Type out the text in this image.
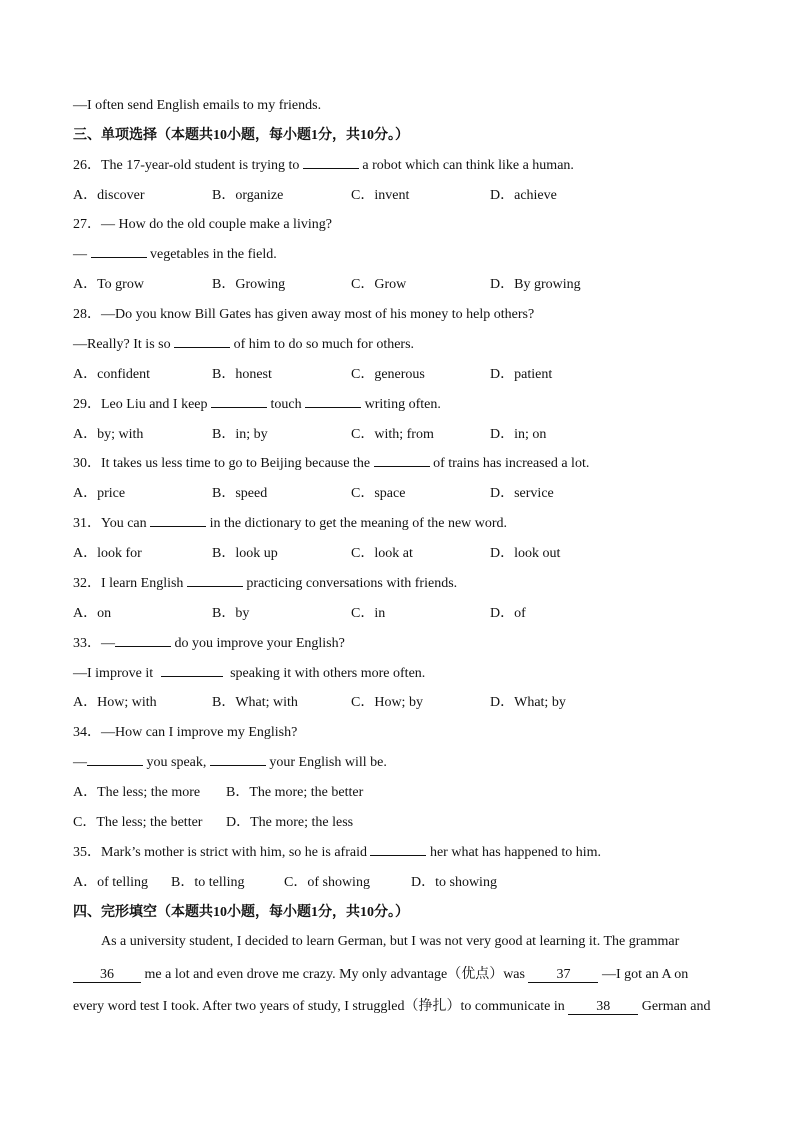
—I often send English emails to my friends.
三、单项选择（本题共10小题，每小题1分，共10分。）
26．The 17-year-old student is trying to	a robot which can think like a human.
A．discover	B．organize	C．invent	D．achieve
27．— How do the old couple make a living?
—	vegetables in the field.
A．To grow	B．Growing	C．Grow	D．By growing
28．—Do you know Bill Gates has given away most of his money to help others?
—Really? It is so	of him to do so much for others.
A．confident	B．honest	C．generous	D．patient
29．Leo Liu and I keep	touch	writing often.
A．by; with	B．in; by	C．with; from	D．in; on
30．It takes us less time to go to Beijing because the	of trains has increased a lot.
A．price	B．speed	C．space	D．service
31．You can	in the dictionary to get the meaning of the new word.
A．look for	B．look up	C．look at	D．look out
32．I learn English	practicing conversations with friends.
A．on	B．by	C．in	D．of
33．—	do you improve your English?
—I improve it	speaking it with others more often.
A．How; with	B．What; with	C．How; by	D．What; by
34．—How can I improve my English?
—	you speak,	your English will be.
A．The less; the more B．The more; the better
C．The less; the better D．The more; the less
35．Mark’s mother is strict with him, so he is afraid	her what has happened to him.
A．of telling B．to telling	C．of showing	D．to showing
四、完形填空（本题共10小题，每小题1分，共10分。）
As a university student, I decided to learn German, but I was not very good at learning it. The grammar
36 me a lot and even drove me crazy. My only advantage（优点）was 37 —I got an A on
every word test I took. After two years of study, I struggled（挣扎）to communicate in 38 German and
